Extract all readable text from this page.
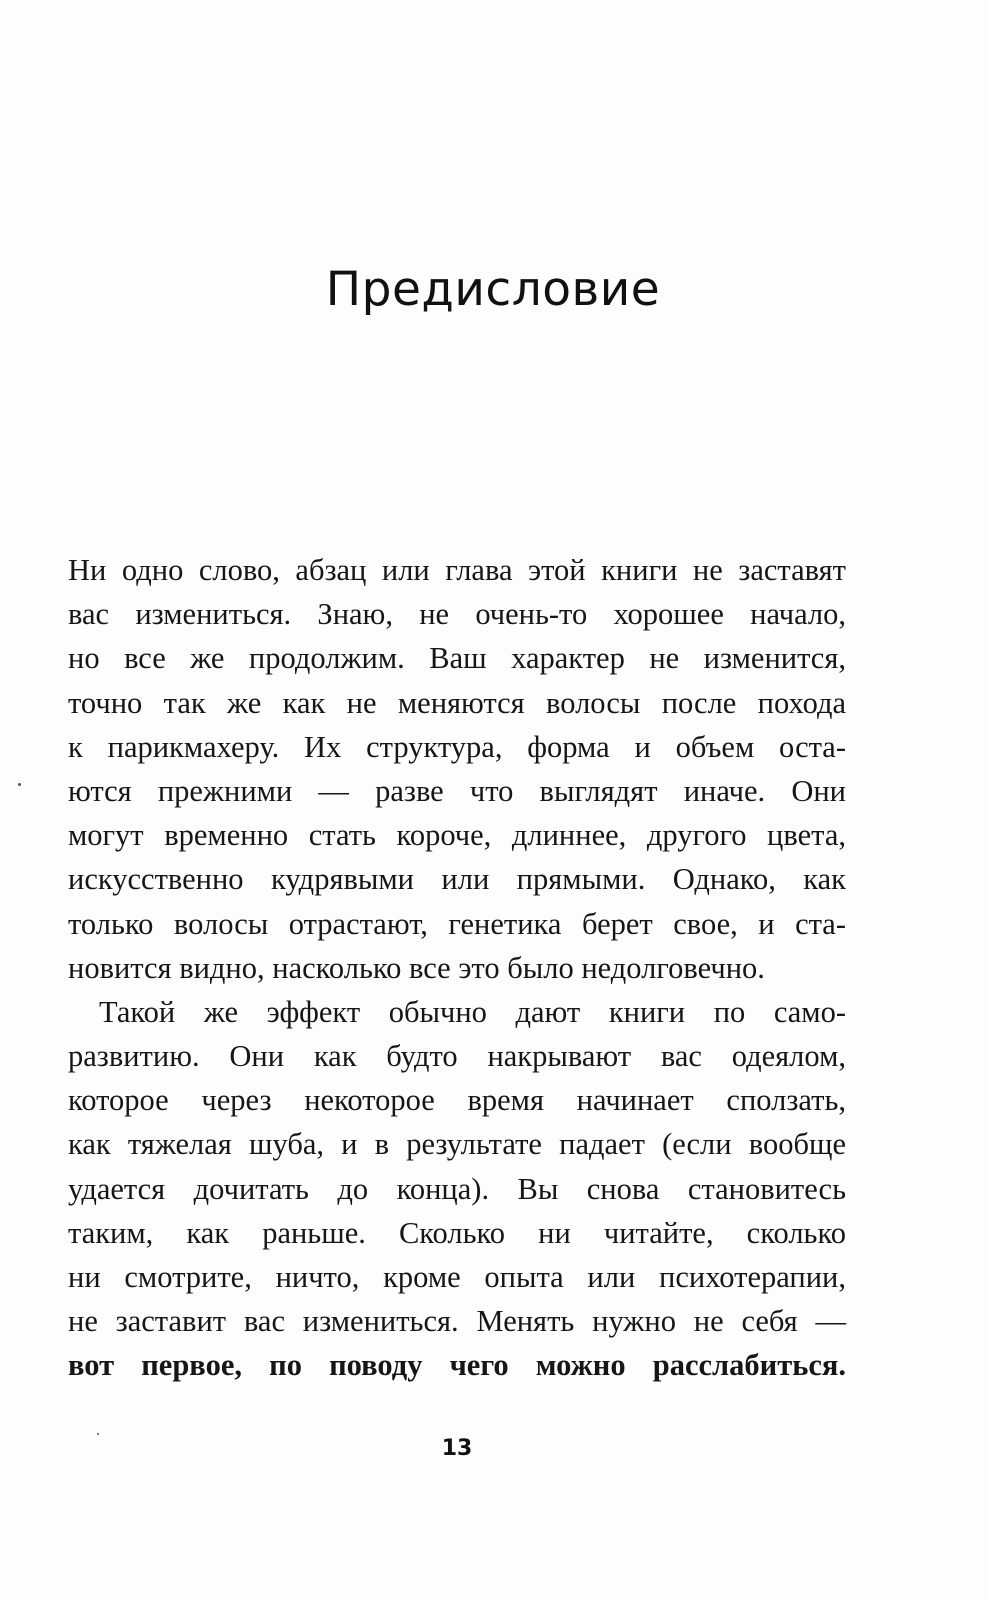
Предисловие
Ни одно слово, абзац или глава этой книги не заставят
вас измениться. Знаю, не очень-то хорошее начало,
но все же продолжим. Ваш характер не изменится,
точно так же как не меняются волосы после похода
к парикмахеру. Их структура, форма и объем оста-
ются прежними — разве что выглядят иначе. Они
могут временно стать короче, длиннее, другого цвета,
искусственно кудрявыми или прямыми. Однако, как
только волосы отрастают, генетика берет свое, и ста-
новится видно, насколько все это было недолговечно.
Такой же эффект обычно дают книги по само-
развитию. Они как будто накрывают вас одеялом,
которое через некоторое время начинает сползать,
как тяжелая шуба, и в результате падает (если вообще
удается дочитать до конца). Вы снова становитесь
таким, как раньше. Сколько ни читайте, сколько
ни смотрите, ничто, кроме опыта или психотерапии,
не заставит вас измениться. Менять нужно не себя —
вот первое, по поводу чего можно расслабиться.
13
